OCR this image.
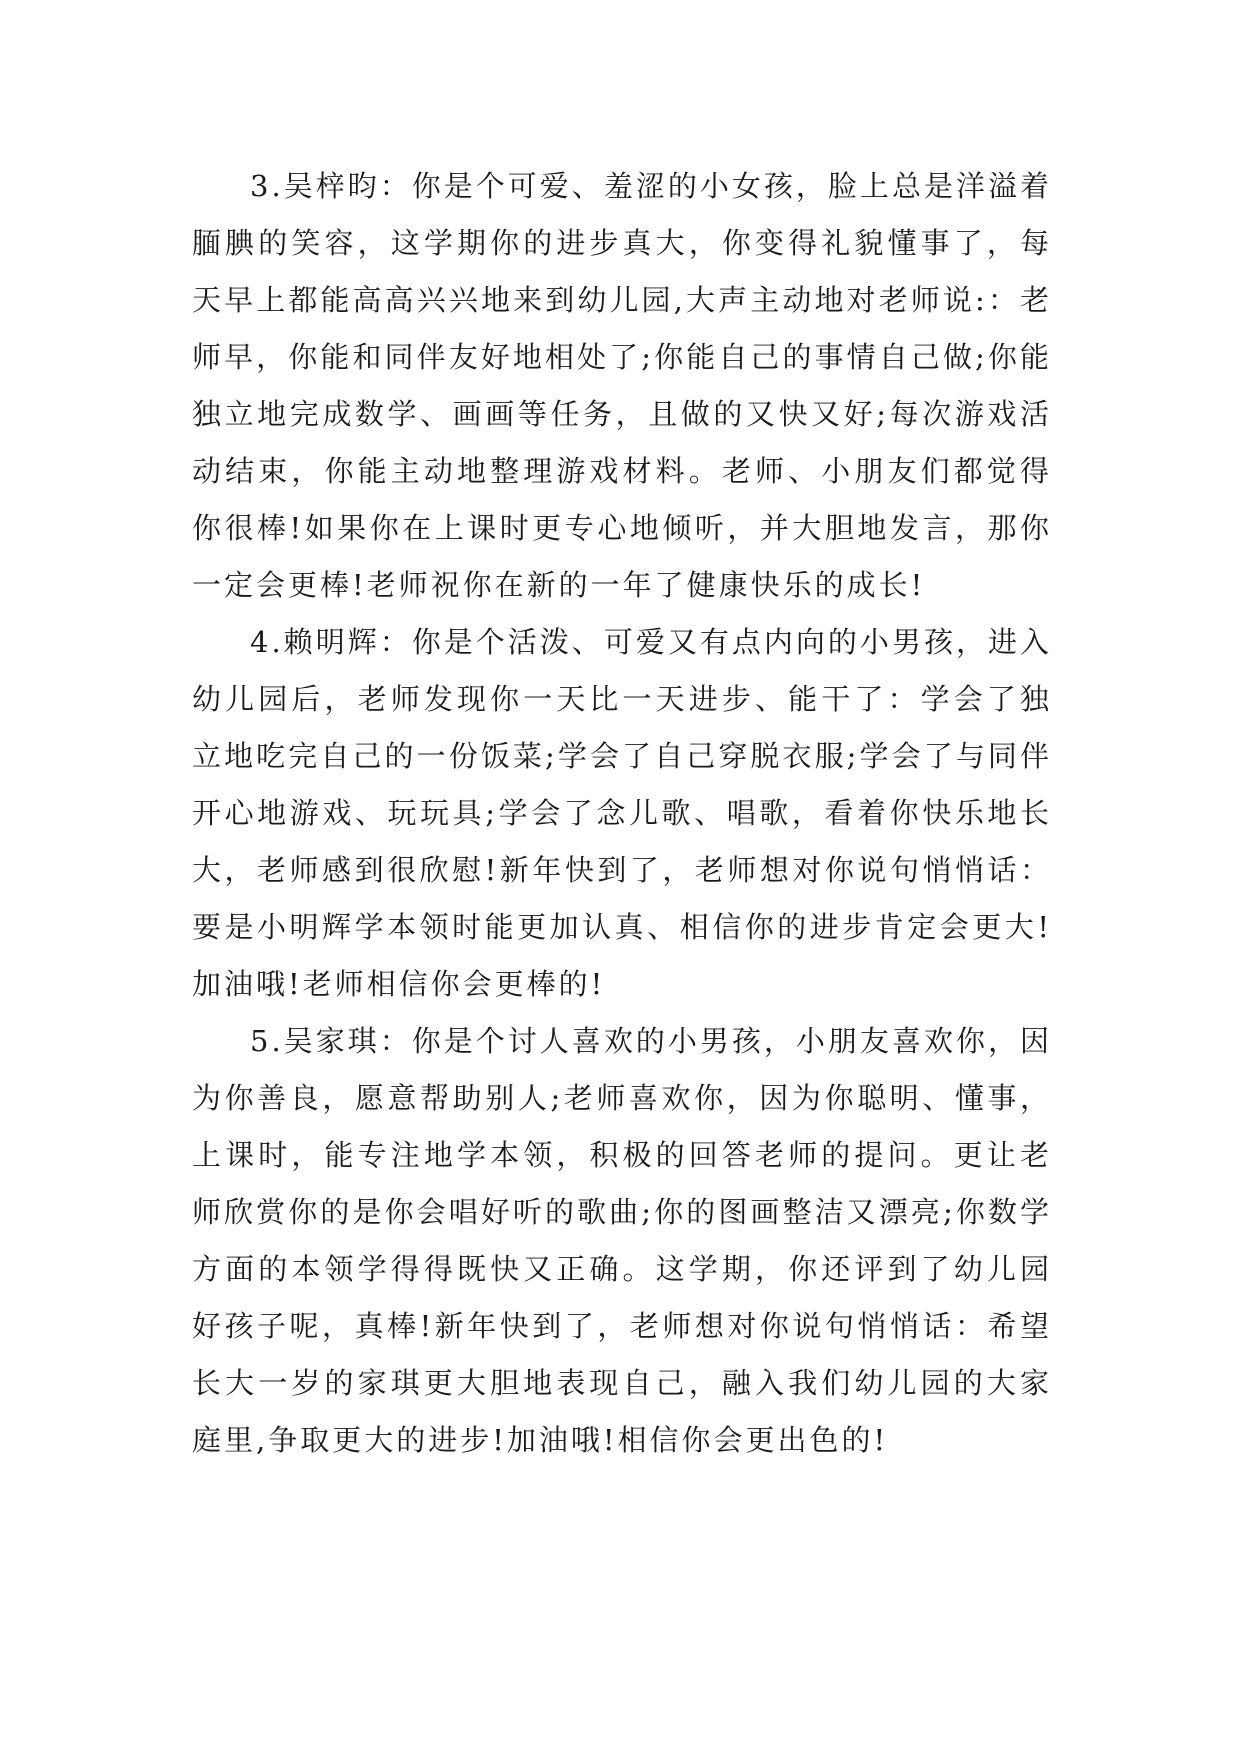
3.吴梓昀：你是个可爱、羞涩的小女孩，脸上总是洋溢着腼腆的笑容，这学期你的进步真大，你变得礼貌懂事了，每天早上都能高高兴兴地来到幼儿园,大声主动地对老师说:：老师早，你能和同伴友好地相处了;你能自己的事情自己做;你能独立地完成数学、画画等任务，且做的又快又好;每次游戏活动结束，你能主动地整理游戏材料。老师、小朋友们都觉得你很棒!如果你在上课时更专心地倾听，并大胆地发言，那你一定会更棒!老师祝你在新的一年了健康快乐的成长!

4.赖明辉：你是个活泼、可爱又有点内向的小男孩，进入幼儿园后，老师发现你一天比一天进步、能干了：学会了独立地吃完自己的一份饭菜;学会了自己穿脱衣服;学会了与同伴开心地游戏、玩玩具;学会了念儿歌、唱歌，看着你快乐地长大，老师感到很欣慰!新年快到了，老师想对你说句悄悄话：要是小明辉学本领时能更加认真、相信你的进步肯定会更大!加油哦!老师相信你会更棒的!

5.吴家琪：你是个讨人喜欢的小男孩，小朋友喜欢你，因为你善良，愿意帮助别人;老师喜欢你，因为你聪明、懂事，上课时，能专注地学本领，积极的回答老师的提问。更让老师欣赏你的是你会唱好听的歌曲;你的图画整洁又漂亮;你数学方面的本领学得得既快又正确。这学期，你还评到了幼儿园好孩子呢，真棒!新年快到了，老师想对你说句悄悄话：希望长大一岁的家琪更大胆地表现自己，融入我们幼儿园的大家庭里,争取更大的进步!加油哦!相信你会更出色的!
